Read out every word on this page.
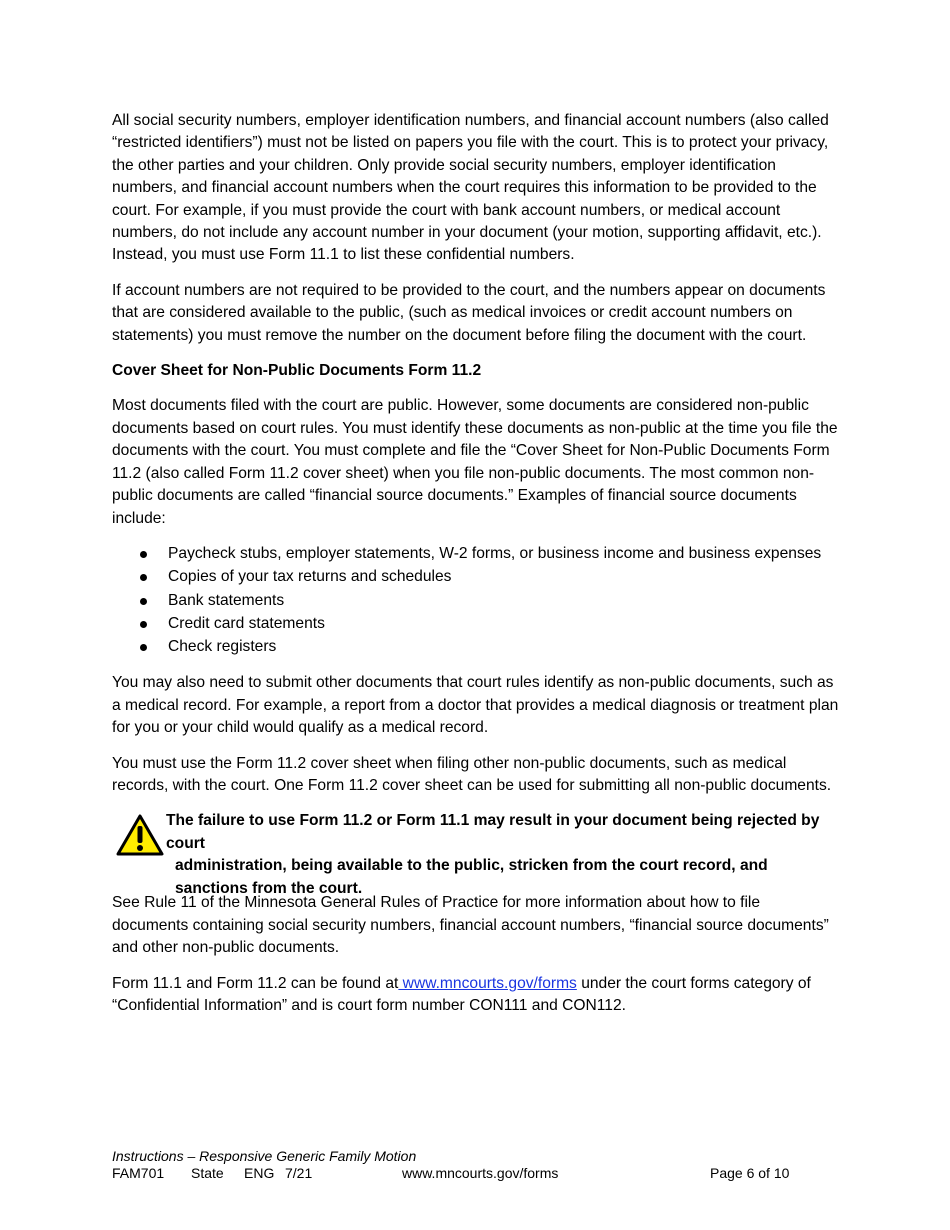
All social security numbers, employer identification numbers, and financial account numbers (also called “restricted identifiers”) must not be listed on papers you file with the court. This is to protect your privacy, the other parties and your children. Only provide social security numbers, employer identification numbers, and financial account numbers when the court requires this information to be provided to the court. For example, if you must provide the court with bank account numbers, or medical account numbers, do not include any account number in your document (your motion, supporting affidavit, etc.). Instead, you must use Form 11.1 to list these confidential numbers.

If account numbers are not required to be provided to the court, and the numbers appear on documents that are considered available to the public, (such as medical invoices or credit account numbers on statements) you must remove the number on the document before filing the document with the court.

Cover Sheet for Non-Public Documents Form 11.2

Most documents filed with the court are public. However, some documents are considered non-public documents based on court rules. You must identify these documents as non-public at the time you file the documents with the court. You must complete and file the “Cover Sheet for Non-Public Documents Form 11.2 (also called Form 11.2 cover sheet) when you file non-public documents. The most common non-public documents are called “financial source documents.” Examples of financial source documents include:

Paycheck stubs, employer statements, W-2 forms, or business income and business expenses
Copies of your tax returns and schedules
Bank statements
Credit card statements
Check registers

You may also need to submit other documents that court rules identify as non-public documents, such as a medical record. For example, a report from a doctor that provides a medical diagnosis or treatment plan for you or your child would qualify as a medical record.

You must use the Form 11.2 cover sheet when filing other non-public documents, such as medical records, with the court. One Form 11.2 cover sheet can be used for submitting all non-public documents.

The failure to use Form 11.2 or Form 11.1 may result in your document being rejected by court
administration, being available to the public, stricken from the court record, and sanctions from the court.

See Rule 11 of the Minnesota General Rules of Practice for more information about how to file documents containing social security numbers, financial account numbers, “financial source documents” and other non-public documents.

Form 11.1 and Form 11.2 can be found at www.mncourts.gov/forms under the court forms category of “Confidential Information” and is court form number CON111 and CON112.

Instructions – Responsive Generic Family Motion
FAM701 State ENG 7/21	www.mncourts.gov/forms	Page 6 of 10
